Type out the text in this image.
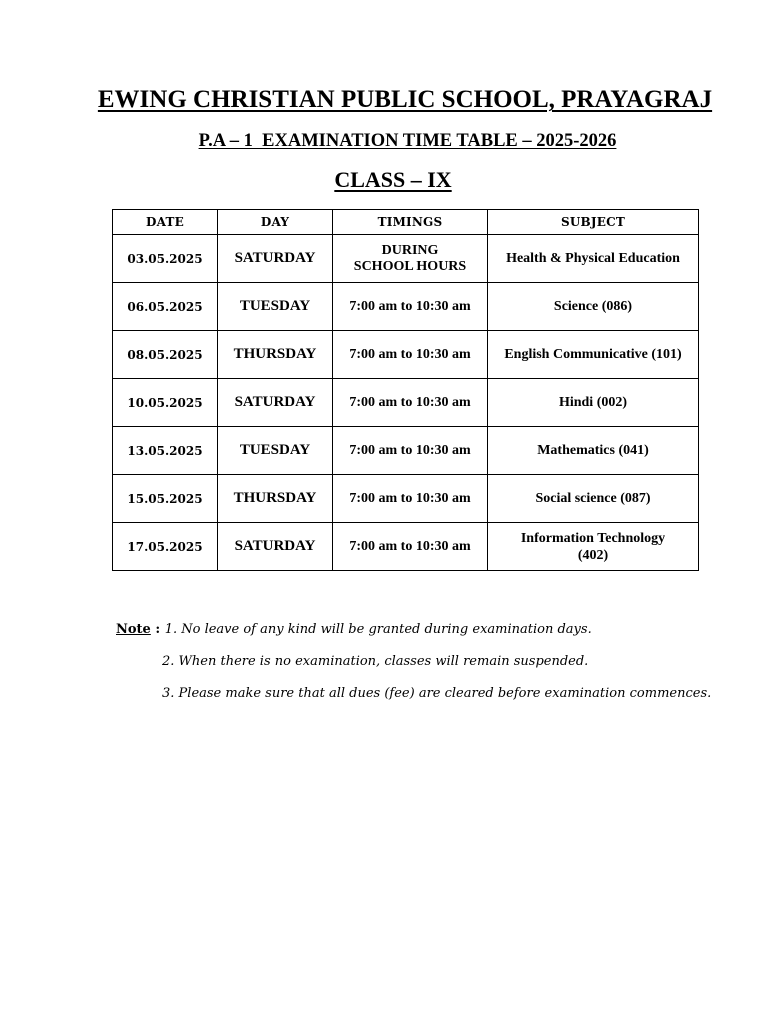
EWING CHRISTIAN PUBLIC SCHOOL, PRAYAGRAJ
P.A – 1  EXAMINATION TIME TABLE – 2025-2026
CLASS – IX
DATE	DAY	TIMINGS	SUBJECT
03.05.2025	SATURDAY	DURING SCHOOL HOURS	Health & Physical Education
06.05.2025	TUESDAY	7:00 am to 10:30 am	Science (086)
08.05.2025	THURSDAY	7:00 am to 10:30 am	English Communicative (101)
10.05.2025	SATURDAY	7:00 am to 10:30 am	Hindi (002)
13.05.2025	TUESDAY	7:00 am to 10:30 am	Mathematics (041)
15.05.2025	THURSDAY	7:00 am to 10:30 am	Social science (087)
17.05.2025	SATURDAY	7:00 am to 10:30 am	Information Technology (402)
Note : 1. No leave of any kind will be granted during examination days.
2. When there is no examination, classes will remain suspended.
3. Please make sure that all dues (fee) are cleared before examination commences.
